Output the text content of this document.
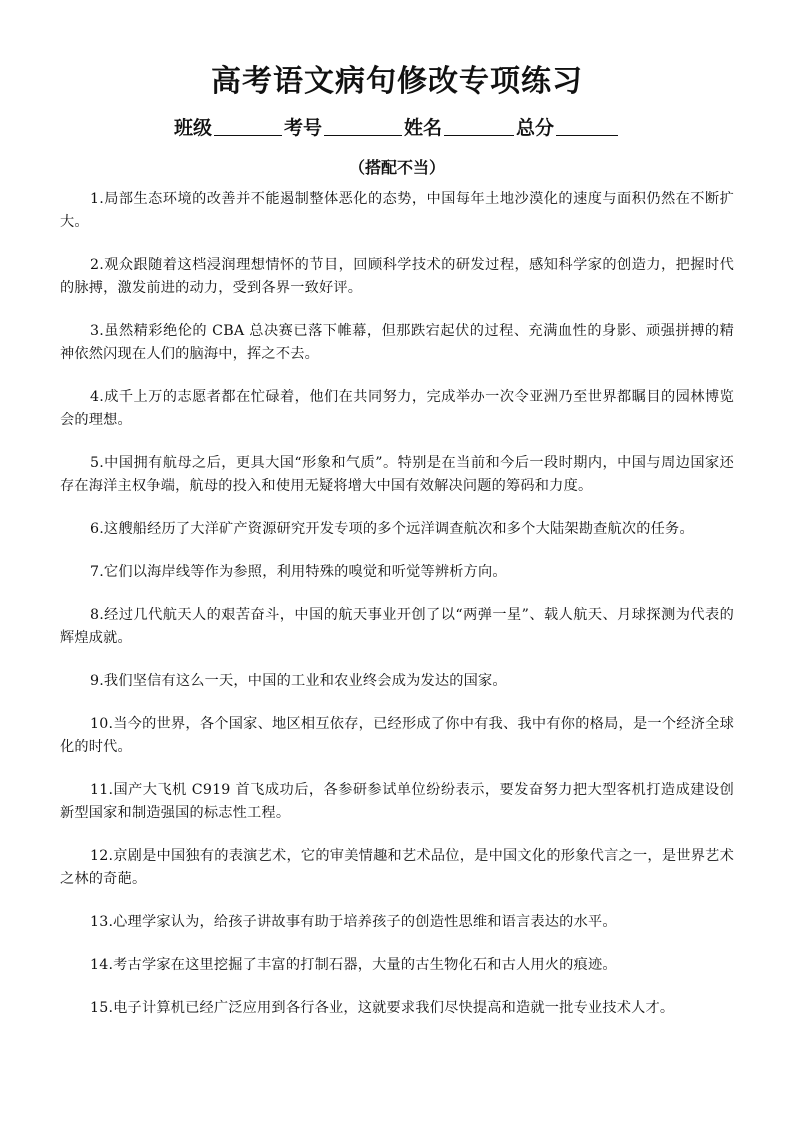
高考语文病句修改专项练习
班级	考号	姓名	总分
（搭配不当）
1.局部生态环境的改善并不能遏制整体恶化的态势，中国每年土地沙漠化的速度与面积仍然在不断扩大。
2.观众跟随着这档浸润理想情怀的节目，回顾科学技术的研发过程，感知科学家的创造力，把握时代的脉搏，激发前进的动力，受到各界一致好评。
3.虽然精彩绝伦的 CBA 总决赛已落下帷幕，但那跌宕起伏的过程、充满血性的身影、顽强拼搏的精神依然闪现在人们的脑海中，挥之不去。
4.成千上万的志愿者都在忙碌着，他们在共同努力，完成举办一次令亚洲乃至世界都瞩目的园林博览会的理想。
5.中国拥有航母之后，更具大国“形象和气质”。特别是在当前和今后一段时期内，中国与周边国家还存在海洋主权争端，航母的投入和使用无疑将增大中国有效解决问题的筹码和力度。
6.这艘船经历了大洋矿产资源研究开发专项的多个远洋调查航次和多个大陆架勘查航次的任务。
7.它们以海岸线等作为参照，利用特殊的嗅觉和听觉等辨析方向。
8.经过几代航天人的艰苦奋斗，中国的航天事业开创了以“两弹一星”、载人航天、月球探测为代表的辉煌成就。
9.我们坚信有这么一天，中国的工业和农业终会成为发达的国家。
10.当今的世界，各个国家、地区相互依存，已经形成了你中有我、我中有你的格局，是一个经济全球化的时代。
11.国产大飞机 C919 首飞成功后，各参研参试单位纷纷表示，要发奋努力把大型客机打造成建设创新型国家和制造强国的标志性工程。
12.京剧是中国独有的表演艺术，它的审美情趣和艺术品位，是中国文化的形象代言之一，是世界艺术之林的奇葩。
13.心理学家认为，给孩子讲故事有助于培养孩子的创造性思维和语言表达的水平。
14.考古学家在这里挖掘了丰富的打制石器，大量的古生物化石和古人用火的痕迹。
15.电子计算机已经广泛应用到各行各业，这就要求我们尽快提高和造就一批专业技术人才。
